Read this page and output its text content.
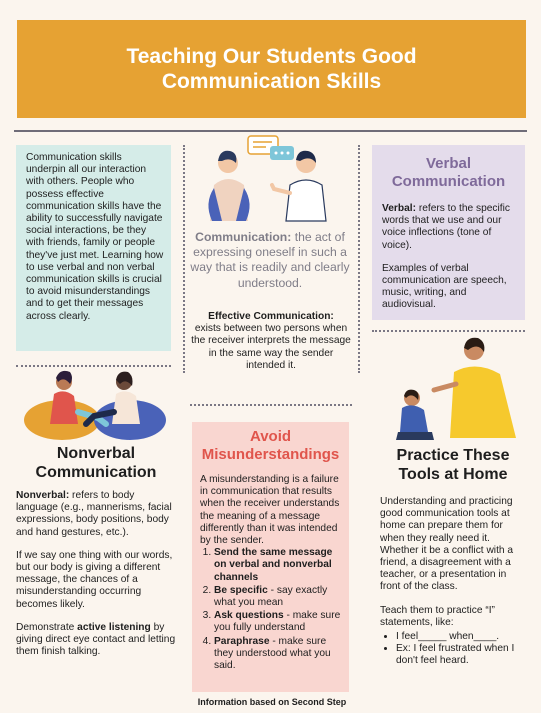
Teaching Our Students Good Communication Skills

Communication skills underpin all our interaction with others. People who possess effective communication skills have the ability to successfully navigate social interactions, be they with friends, family or people they've just met. Learning how to use verbal and non verbal communication skills is crucial to avoid misunderstandings and to get their messages across clearly.

Communication: the act of expressing oneself in such a way that is readily and clearly understood.

Effective Communication:
exists between two persons when the receiver interprets the message in the same way the sender intended it.

Verbal Communication

Verbal: refers to the specific words that we use and our voice inflections (tone of voice).

Examples of verbal communication are speech, music, writing, and audiovisual.

Nonverbal Communication

Nonverbal: refers to body language (e.g., mannerisms, facial expressions, body positions, body and hand gestures, etc.).

If we say one thing with our words, but our body is giving a different message, the chances of a misunderstanding occurring becomes likely.

Demonstrate active listening by giving direct eye contact and letting them finish talking.

Avoid Misunderstandings

A misunderstanding is a failure in communication that results when the receiver understands the meaning of a message differently than it was intended by the sender.

1. Send the same message on verbal and nonverbal channels
2. Be specific - say exactly what you mean
3. Ask questions - make sure you fully understand
4. Paraphrase - make sure they understood what you said.
Practice These Tools at Home

Understanding and practicing good communication tools at home can prepare them for when they really need it. Whether it be a conflict with a friend, a disagreement with a teacher, or a presentation in front of the class.

Teach them to practice “I” statements, like:

• I feel_____ when____.
• Ex: I feel frustrated when I don't feel heard.
Information based on Second Step
